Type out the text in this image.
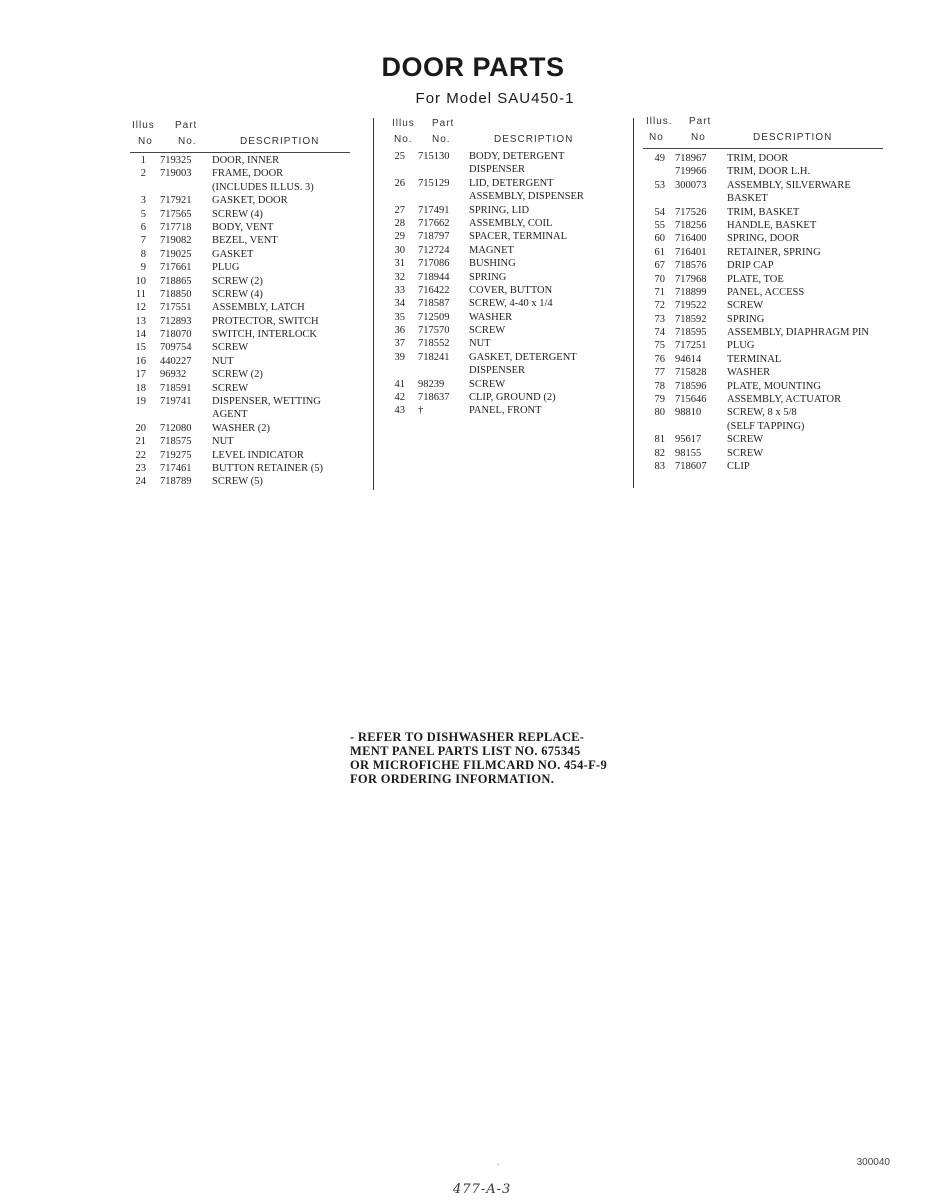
DOOR PARTS
For Model SAU450-1
Illus Part
No	No.	DESCRIPTION
1 719325 DOOR, INNER
2 719003 FRAME, DOOR
(INCLUDES ILLUS. 3)
3 717921 GASKET, DOOR
5 717565 SCREW (4)
6 717718 BODY, VENT
7 719082 BEZEL, VENT
8 719025 GASKET
9 717661 PLUG
10 718865 SCREW (2)
11 718850 SCREW (4)
12 717551 ASSEMBLY, LATCH
13 712893 PROTECTOR, SWITCH
14 718070 SWITCH, INTERLOCK
15 709754 SCREW
16 440227 NUT
17 96932 SCREW (2)
18 718591 SCREW
19 719741 DISPENSER, WETTING
AGENT
20 712080 WASHER (2)
21 718575 NUT
22 719275 LEVEL INDICATOR
23 717461 BUTTON RETAINER (5)
24 718789 SCREW (5)
Illus Part
No. No.	DESCRIPTION
25 715130 BODY, DETERGENT
DISPENSER
26 715129 LID, DETERGENT
ASSEMBLY, DISPENSER
27 717491 SPRING, LID
28 717662 ASSEMBLY, COIL
29 718797 SPACER, TERMINAL
30 712724 MAGNET
31 717086 BUSHING
32 718944 SPRING
33 716422 COVER, BUTTON
34 718587 SCREW, 4-40 x 1/4
35 712509 WASHER
36 717570 SCREW
37 718552 NUT
39 718241 GASKET, DETERGENT
DISPENSER
41 98239 SCREW
42 718637 CLIP, GROUND (2)
43 †	PANEL, FRONT
Illus. Part
No	No	DESCRIPTION
49 718967 TRIM, DOOR
719966 TRIM, DOOR L.H.
53 300073 ASSEMBLY, SILVERWARE
BASKET
54 717526 TRIM, BASKET
55 718256 HANDLE, BASKET
60 716400 SPRING, DOOR
61 716401 RETAINER, SPRING
67 718576 DRIP CAP
70 717968 PLATE, TOE
71 718899 PANEL, ACCESS
72 719522 SCREW
73 718592 SPRING
74 718595 ASSEMBLY, DIAPHRAGM PIN
75 717251 PLUG
76 94614 TERMINAL
77 715828 WASHER
78 718596 PLATE, MOUNTING
79 715646 ASSEMBLY, ACTUATOR
80 98810 SCREW, 8 x 5/8
(SELF TAPPING)
81 95617 SCREW
82 98155 SCREW
83 718607 CLIP
- REFER TO DISHWASHER REPLACE-
MENT PANEL PARTS LIST NO. 675345
OR MICROFICHE FILMCARD NO. 454-F-9
FOR ORDERING INFORMATION.
.	300040
477-A-3
